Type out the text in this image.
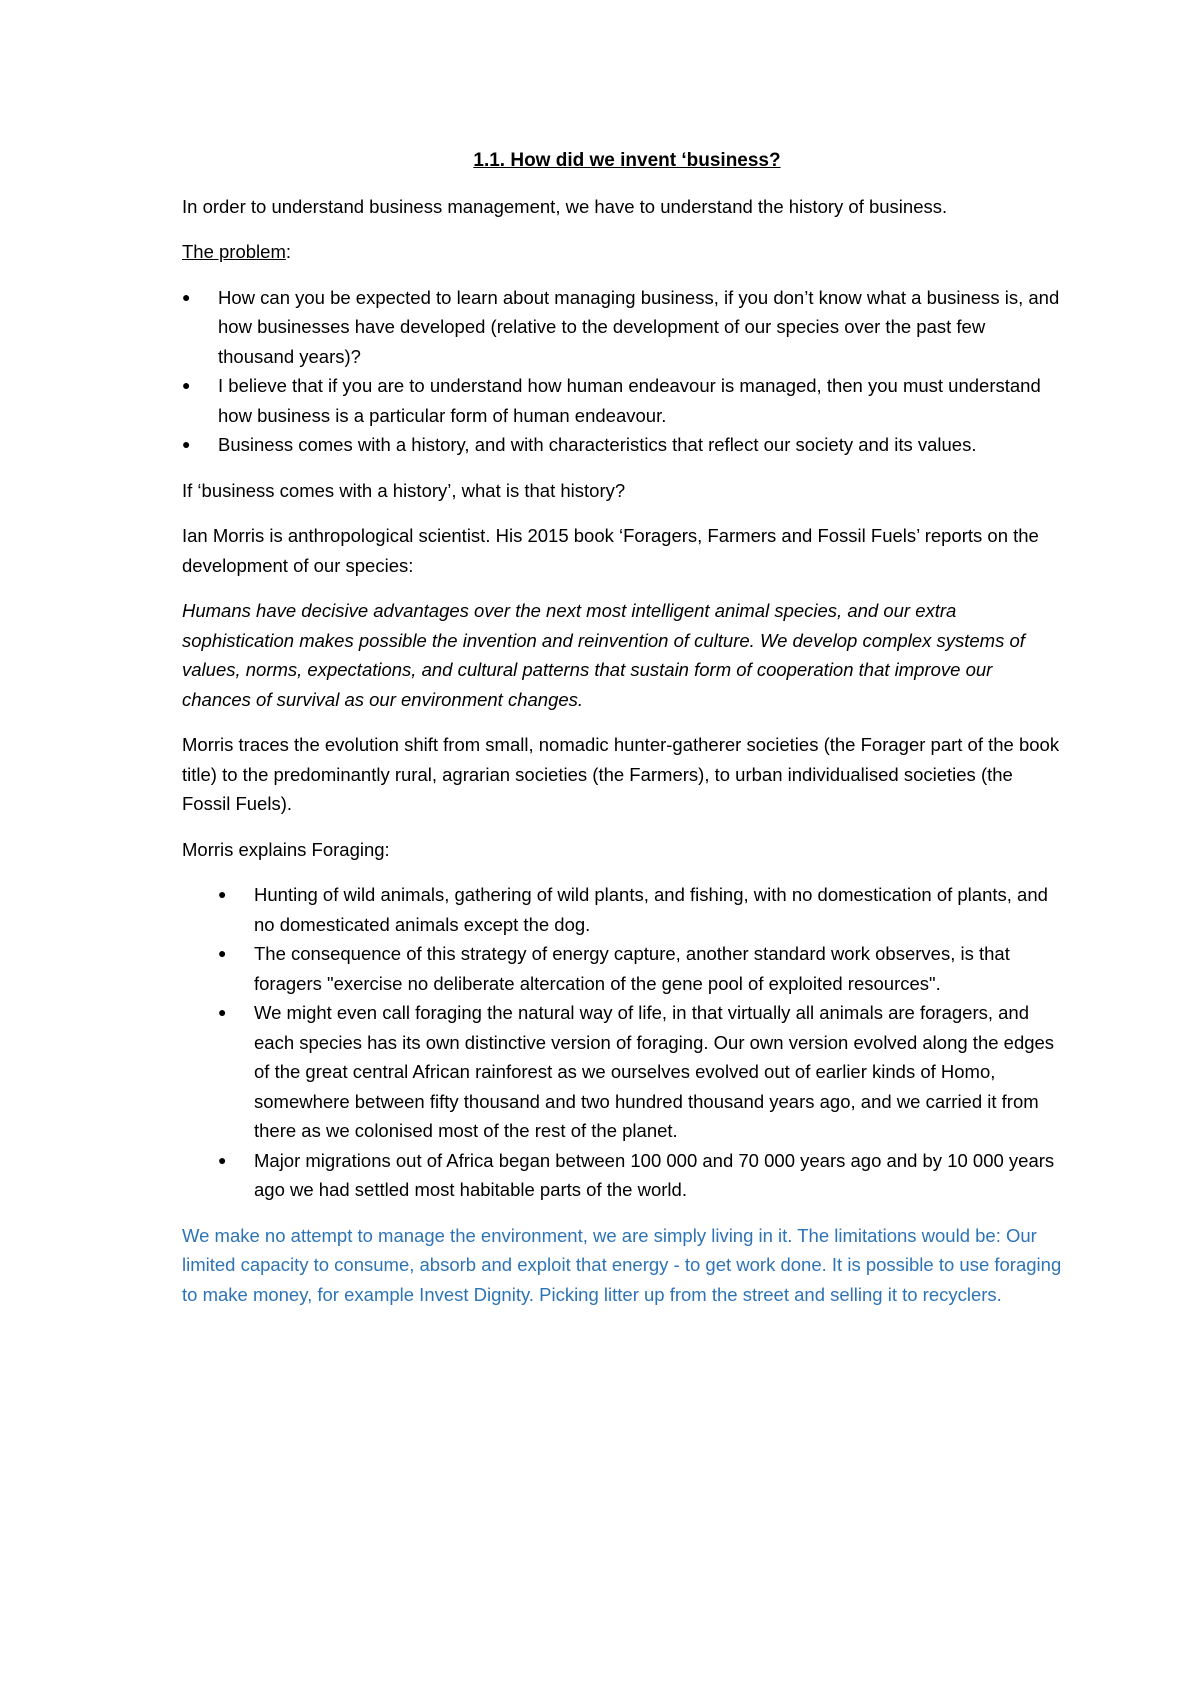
1.1. How did we invent ‘business?

In order to understand business management, we have to understand the history of business.

The problem:

● How can you be expected to learn about managing business, if you don’t know what a business is, and how businesses have developed (relative to the development of our species over the past few thousand years)?
● I believe that if you are to understand how human endeavour is managed, then you must understand how business is a particular form of human endeavour.
● Business comes with a history, and with characteristics that reflect our society and its values.

If ‘business comes with a history’, what is that history?

Ian Morris is anthropological scientist. His 2015 book ‘Foragers, Farmers and Fossil Fuels’ reports on the development of our species:

Humans have decisive advantages over the next most intelligent animal species, and our extra sophistication makes possible the invention and reinvention of culture. We develop complex systems of values, norms, expectations, and cultural patterns that sustain form of cooperation that improve our chances of survival as our environment changes.

Morris traces the evolution shift from small, nomadic hunter-gatherer societies (the Forager part of the book title) to the predominantly rural, agrarian societies (the Farmers), to urban individualised societies (the Fossil Fuels).

Morris explains Foraging:

● Hunting of wild animals, gathering of wild plants, and fishing, with no domestication of plants, and no domesticated animals except the dog.
● The consequence of this strategy of energy capture, another standard work observes, is that foragers "exercise no deliberate altercation of the gene pool of exploited resources".
● We might even call foraging the natural way of life, in that virtually all animals are foragers, and each species has its own distinctive version of foraging. Our own version evolved along the edges of the great central African rainforest as we ourselves evolved out of earlier kinds of Homo, somewhere between fifty thousand and two hundred thousand years ago, and we carried it from there as we colonised most of the rest of the planet.
● Major migrations out of Africa began between 100 000 and 70 000 years ago and by 10 000 years ago we had settled most habitable parts of the world.

We make no attempt to manage the environment, we are simply living in it. The limitations would be: Our limited capacity to consume, absorb and exploit that energy - to get work done. It is possible to use foraging to make money, for example Invest Dignity. Picking litter up from the street and selling it to recyclers.
